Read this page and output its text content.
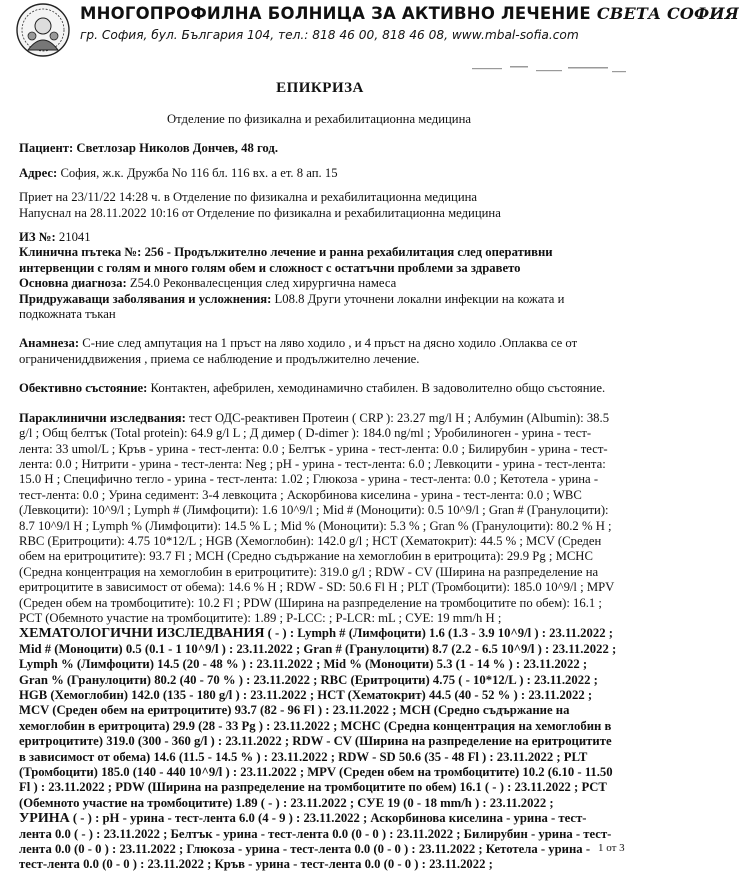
МНОГОПРОФИЛНА БОЛНИЦА ЗА АКТИВНО ЛЕЧЕНИЕ СВЕТА СОФИЯ
гр. София, бул. България 104, тел.: 818 46 00, 818 46 08, www.mbal-sofia.com
ЕПИКРИЗА

Отделение по физикална и рехабилитационна медицина

Пациент: Светлозар Николов Дончев, 48 год.

Адрес: София, ж.к. Дружба No 116 бл. 116 вх. а ет. 8 ап. 15

Приет на 23/11/22 14:28 ч. в Отделение по физикална и рехабилитационна медицина

Напуснал на 28.11.2022 10:16 от Отделение по физикална и рехабилитационна медицина

ИЗ №: 21041

Клинична пътека №: 256 - Продължително лечение и ранна рехабилитация след оперативни интервенции с голям и много голям обем и сложност с остатъчни проблеми за здравето

Основна диагноза: Z54.0 Реконвалесценция след хирургична намеса

Придружаващи заболявания и усложнения: L08.8 Други уточнени локални инфекции на кожата и подкожната тъкан

Анамнеза: С-ние след ампутация на 1 пръст на ляво ходило , и 4 пръст на дясно ходило .Оплаква се от ограничениддвижения , приема се наблюдение и продължително лечение.

Обективно състояние: Контактен, афебрилен, хемодинамично стабилен. В задоволително общо състояние.

Параклинични изследвания: тест ОДС-реактивен Протеин ( CRP ): 23.27 mg/l H ; Албумин (Albumin): 38.5 g/l ; Общ белтък (Total protein): 64.9 g/l L ; Д димер ( D-dimer ): 184.0 ng/ml ; Уробилиноген - урина - тест-лента: 33 umol/L ; Кръв - урина - тест-лента: 0.0 ; Белтък - урина - тест-лента: 0.0 ; Билирубин - урина - тест-лента: 0.0 ; Нитрити - урина - тест-лента: Neg ; pH - урина - тест-лента: 6.0 ; Левкоцити - урина - тест-лента: 15.0 H ; Специфично тегло - урина - тест-лента: 1.02 ; Глюкоза - урина - тест-лента: 0.0 ; Кетотела - урина - тест-лента: 0.0 ; Урина седимент: 3-4 левкоцита ; Аскорбинова киселина - урина - тест-лента: 0.0 ; WBC (Левкоцити): 10^9/l ; Lymph # (Лимфоцити): 1.6 10^9/l ; Mid # (Моноцити): 0.5 10^9/l ; Gran # (Гранулоцити): 8.7 10^9/l H ; Lymph % (Лимфоцити): 14.5 % L ; Mid % (Моноцити): 5.3 % ; Gran % (Гранулоцити): 80.2 % H ; RBC (Еритроцити): 4.75 10*12/L ; HGB (Хемоглобин): 142.0 g/l ; HCT (Хематокрит): 44.5 % ; MCV (Среден обем на еритроцитите): 93.7 Fl ; MCH (Средно съдържание на хемоглобин в еритроцита): 29.9 Pg ; MCHC (Средна концентрация на хемоглобин в еритроцитите): 319.0 g/l ; RDW - CV (Ширина на разпределение на еритроцитите в зависимост от обема): 14.6 % H ; RDW - SD: 50.6 Fl H ; PLT (Тромбоцити): 185.0 10^9/l ; MPV (Среден обем на тромбоцитите): 10.2 Fl ; PDW (Ширина на разпределение на тромбоцитите по обем): 16.1 ; PCT (Обемното участие на тромбоцитите): 1.89 ; P-LCC: ; P-LCR: mL ; СУЕ: 19 mm/h H ;

ХЕМАТОЛОГИЧНИ ИЗСЛЕДВАНИЯ ( - ) : Lymph # (Лимфоцити) 1.6 (1.3 - 3.9 10^9/l ) : 23.11.2022 ; Mid # (Моноцити) 0.5 (0.1 - 1 10^9/l ) : 23.11.2022 ; Gran # (Гранулоцити) 8.7 (2.2 - 6.5 10^9/l ) : 23.11.2022 ; Lymph % (Лимфоцити) 14.5 (20 - 48 % ) : 23.11.2022 ; Mid % (Моноцити) 5.3 (1 - 14 % ) : 23.11.2022 ; Gran % (Гранулоцити) 80.2 (40 - 70 % ) : 23.11.2022 ; RBC (Еритроцити) 4.75 ( - 10*12/L ) : 23.11.2022 ; HGB (Хемоглобин) 142.0 (135 - 180 g/l ) : 23.11.2022 ; HCT (Хематокрит) 44.5 (40 - 52 % ) : 23.11.2022 ; MCV (Среден обем на еритроцитите) 93.7 (82 - 96 Fl ) : 23.11.2022 ; MCH (Средно съдържание на хемоглобин в еритроцита) 29.9 (28 - 33 Pg ) : 23.11.2022 ; MCHC (Средна концентрация на хемоглобин в еритроцитите) 319.0 (300 - 360 g/l ) : 23.11.2022 ; RDW - CV (Ширина на разпределение на еритроцитите в зависимост от обема) 14.6 (11.5 - 14.5 % ) : 23.11.2022 ; RDW - SD 50.6 (35 - 48 Fl ) : 23.11.2022 ; PLT (Тромбоцити) 185.0 (140 - 440 10^9/l ) : 23.11.2022 ; MPV (Среден обем на тромбоцитите) 10.2 (6.10 - 11.50 Fl ) : 23.11.2022 ; PDW (Ширина на разпределение на тромбоцитите по обем) 16.1 ( - ) : 23.11.2022 ; PCT (Обемното участие на тромбоцитите) 1.89 ( - ) : 23.11.2022 ; СУЕ 19 (0 - 18 mm/h ) : 23.11.2022 ;

УРИНА ( - ) : pH - урина - тест-лента 6.0 (4 - 9 ) : 23.11.2022 ; Аскорбинова киселина - урина - тест-лента 0.0 ( - ) : 23.11.2022 ; Белтък - урина - тест-лента 0.0 (0 - 0 ) : 23.11.2022 ; Билирубин - урина - тест-лента 0.0 (0 - 0 ) : 23.11.2022 ; Глюкоза - урина - тест-лента 0.0 (0 - 0 ) : 23.11.2022 ; Кетотела - урина - тест-лента 0.0 (0 - 0 ) : 23.11.2022 ; Кръв - урина - тест-лента 0.0 (0 - 0 ) : 23.11.2022 ;

1 от 3
